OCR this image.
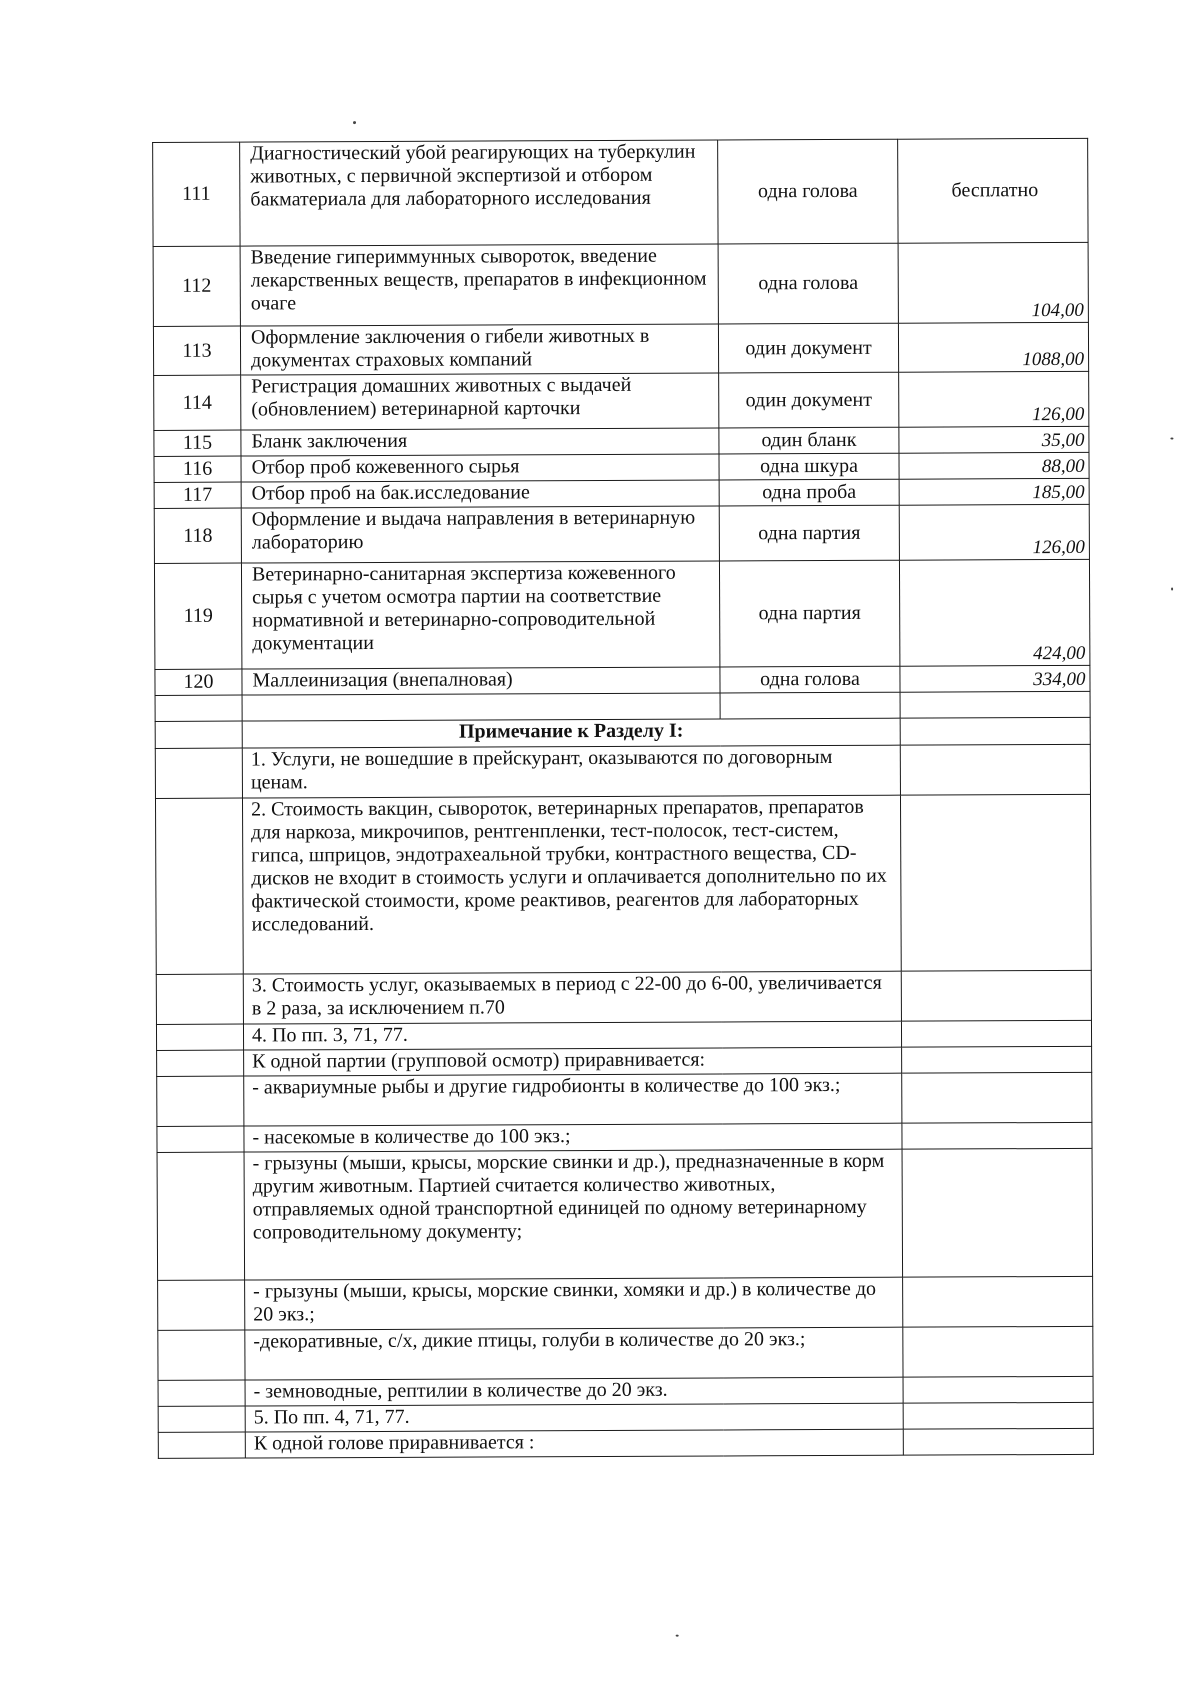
111	Диагностический убой реагирующих на туберкулин животных, с первичной экспертизой и отбором бакматериала для лабораторного исследования	одна голова	бесплатно
112	Введение гипериммунных сывороток, введение лекарственных веществ, препаратов в инфекционном очаге	одна голова	104,00
113	Оформление заключения о гибели животных в документах страховых компаний	один документ	1088,00
114	Регистрация домашних животных с выдачей (обновлением) ветеринарной карточки	один документ	126,00
115	Бланк заключения	один бланк	35,00
116	Отбор проб кожевенного сырья	одна шкура	88,00
117	Отбор проб на бак.исследование	одна проба	185,00
118	Оформление и выдача направления в ветеринарную лабораторию	одна партия	126,00
119	Ветеринарно-санитарная экспертиза кожевенного сырья с учетом осмотра партии на соответствие нормативной и ветеринарно-сопроводительной документации	одна партия	424,00
120	Маллеинизация (внепалновая)	одна голова	334,00

	Примечание к Разделу I:		
	1. Услуги, не вошедшие в прейскурант, оказываются по договорным ценам.		
	2. Стоимость вакцин, сывороток, ветеринарных препаратов, препаратов для наркоза, микрочипов, рентгенпленки, тест-полосок, тест-систем, гипса, шприцов, эндотрахеальной трубки, контрастного вещества, CD-дисков не входит в стоимость услуги и оплачивается дополнительно по их фактической стоимости, кроме реактивов, реагентов для лабораторных исследований.		
	3. Стоимость услуг, оказываемых в период с 22-00 до 6-00, увеличивается в 2 раза, за исключением п.70		
	4. По пп. 3, 71, 77.		
	К одной партии (групповой осмотр) приравнивается:		
	- аквариумные рыбы и другие гидробионты в количестве до 100 экз.;		
	- насекомые в количестве до 100 экз.;		
	- грызуны (мыши, крысы, морские свинки и др.), предназначенные в корм другим животным. Партией считается количество животных, отправляемых одной транспортной единицей по одному ветеринарному сопроводительному документу;		
	- грызуны (мыши, крысы, морские свинки, хомяки и др.) в количестве до 20 экз.;		
	-декоративные, с/х, дикие птицы, голуби в количестве до 20 экз.;		
	- земноводные, рептилии в количестве до 20 экз.		
	5. По пп. 4, 71, 77.		
	К одной голове приравнивается :		
